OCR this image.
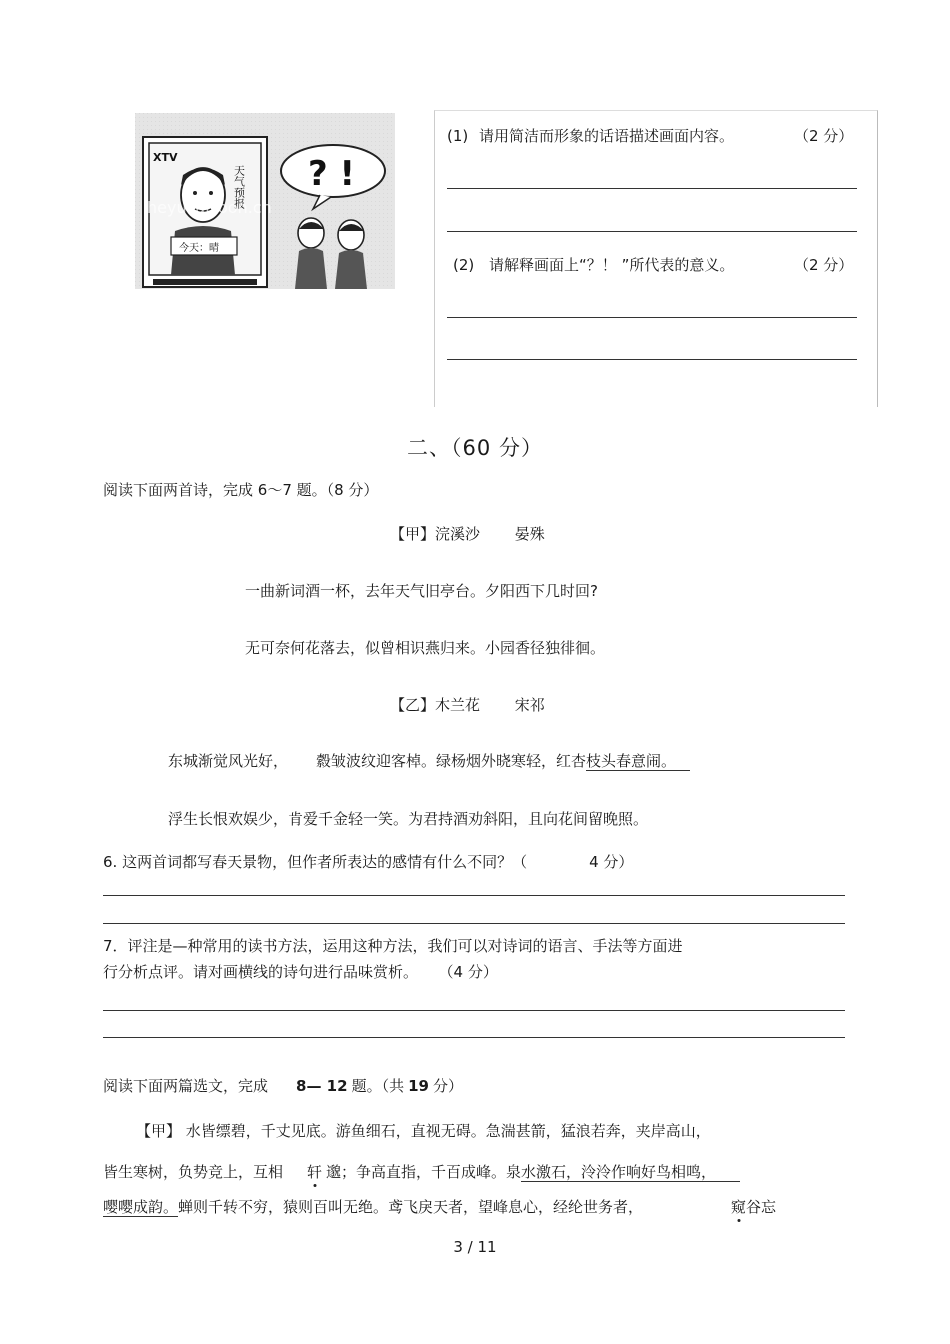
XTV
天气预报
今天：晴
heyucartoon.cn
? !
(1) 请用简洁而形象的话语描述画面内容。	（2 分）
(2) 请解释画面上“？！ ”所代表的意义。	（2 分）
二、（60 分）
阅读下面两首诗，完成 6～7 题。（8 分）
【甲】浣溪沙 晏殊
一曲新词酒一杯，去年天气旧亭台。夕阳西下几时回?
无可奈何花落去，似曾相识燕归来。小园香径独徘徊。
【乙】木兰花 宋祁
东城渐觉风光好， 縠皱波纹迎客棹。绿杨烟外晓寒轻，红杏枝头春意闹。
浮生长恨欢娱少，肯爱千金轻一笑。为君持酒劝斜阳，且向花间留晚照。
6. 这两首词都写春天景物，但作者所表达的感情有什么不同？（	4 分）
7．评注是—种常用的读书方法，运用这种方法，我们可以对诗词的语言、手法等方面进
行分析点评。请对画横线的诗句进行品味赏析。 （4 分）
阅读下面两篇选文，完成 8— 12 题。（共 19 分）
【甲】 水皆缥碧，千丈见底。游鱼细石，直视无碍。急湍甚箭，猛浪若奔，夹岸高山，
皆生寒树，负势竞上，互相 轩 邈；争高直指，千百成峰。泉水激石，泠泠作响好鸟相鸣，
嘤嘤成韵。蝉则千转不穷，猿则百叫无绝。鸢飞戾天者，望峰息心，经纶世务者，	窥谷忘
3 / 11
